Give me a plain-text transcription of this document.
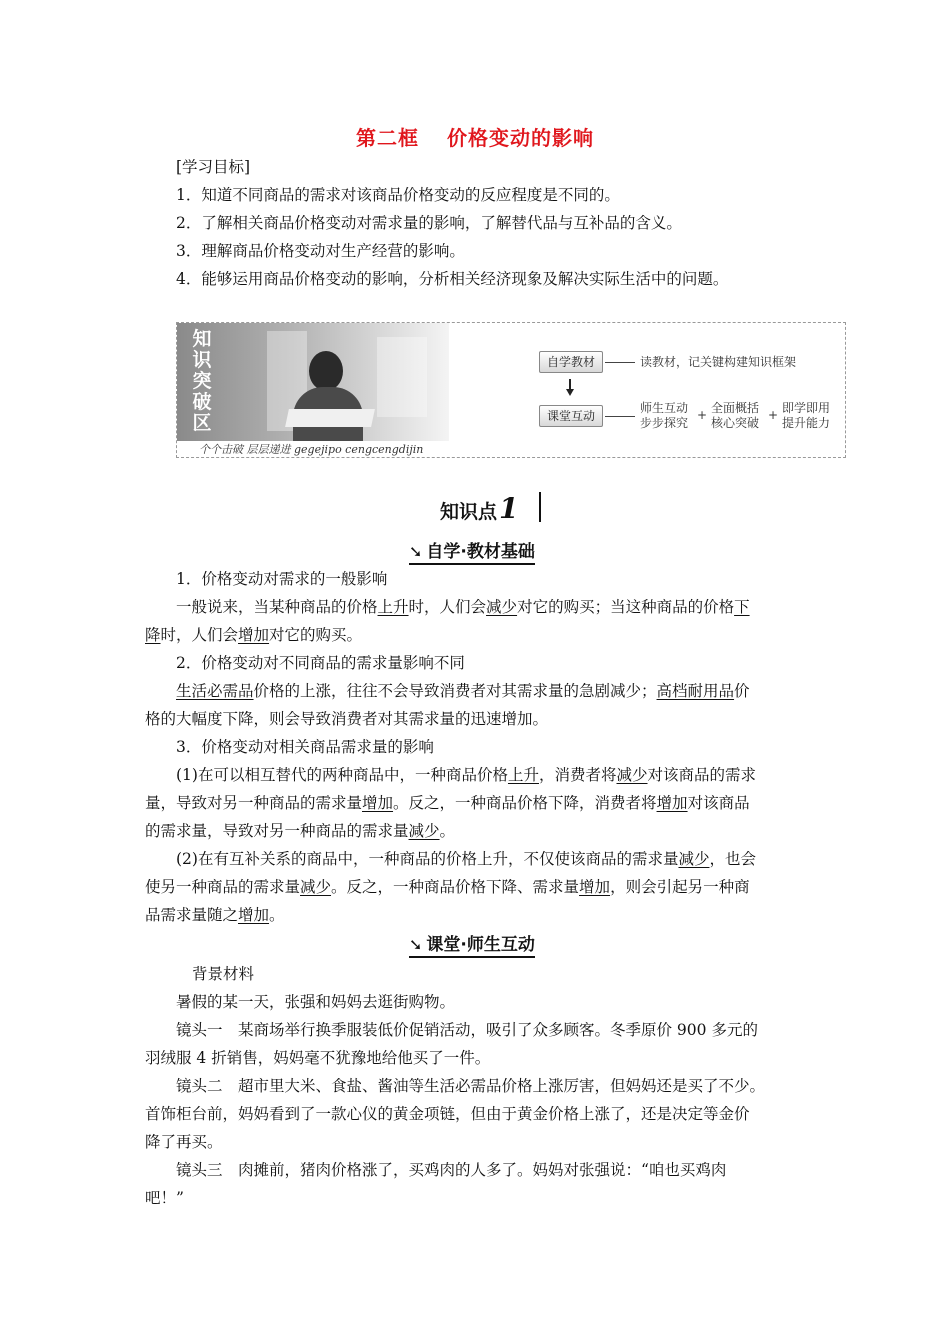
第二框 价格变动的影响
[学习目标]
1．知道不同商品的需求对该商品价格变动的反应程度是不同的。
2．了解相关商品价格变动对需求量的影响，了解替代品与互补品的含义。
3．理解商品价格变动对生产经营的影响。
4．能够运用商品价格变动的影响，分析相关经济现象及解决实际生活中的问题。
知
识
突
破
区
个个击破 层层递进 gegejipo cengcengdijin
自学教材	读教材，记关键构建知识框架
课堂互动
师生互动
步步探究
+ 全面概括
核心突破
+ 即学即用
提升能力
知识点1
➘ 自学·教材基础
1．价格变动对需求的一般影响
一般说来，当某种商品的价格上升时，人们会减少对它的购买；当这种商品的价格下
降时，人们会增加对它的购买。
2．价格变动对不同商品的需求量影响不同
生活必需品价格的上涨，往往不会导致消费者对其需求量的急剧减少；高档耐用品价
格的大幅度下降，则会导致消费者对其需求量的迅速增加。
3．价格变动对相关商品需求量的影响
(1)在可以相互替代的两种商品中，一种商品价格上升，消费者将减少对该商品的需求
量，导致对另一种商品的需求量增加。反之，一种商品价格下降，消费者将增加对该商品
的需求量，导致对另一种商品的需求量减少。
(2)在有互补关系的商品中，一种商品的价格上升，不仅使该商品的需求量减少，也会
使另一种商品的需求量减少。反之，一种商品价格下降、需求量增加，则会引起另一种商
品需求量随之增加。
➘ 课堂·师生互动
背景材料
暑假的某一天，张强和妈妈去逛街购物。
镜头一　某商场举行换季服装低价促销活动，吸引了众多顾客。冬季原价 900 多元的
羽绒服 4 折销售，妈妈毫不犹豫地给他买了一件。
镜头二　超市里大米、食盐、酱油等生活必需品价格上涨厉害，但妈妈还是买了不少。
首饰柜台前，妈妈看到了一款心仪的黄金项链，但由于黄金价格上涨了，还是决定等金价
降了再买。
镜头三　肉摊前，猪肉价格涨了，买鸡肉的人多了。妈妈对张强说：“咱也买鸡肉
吧！”
